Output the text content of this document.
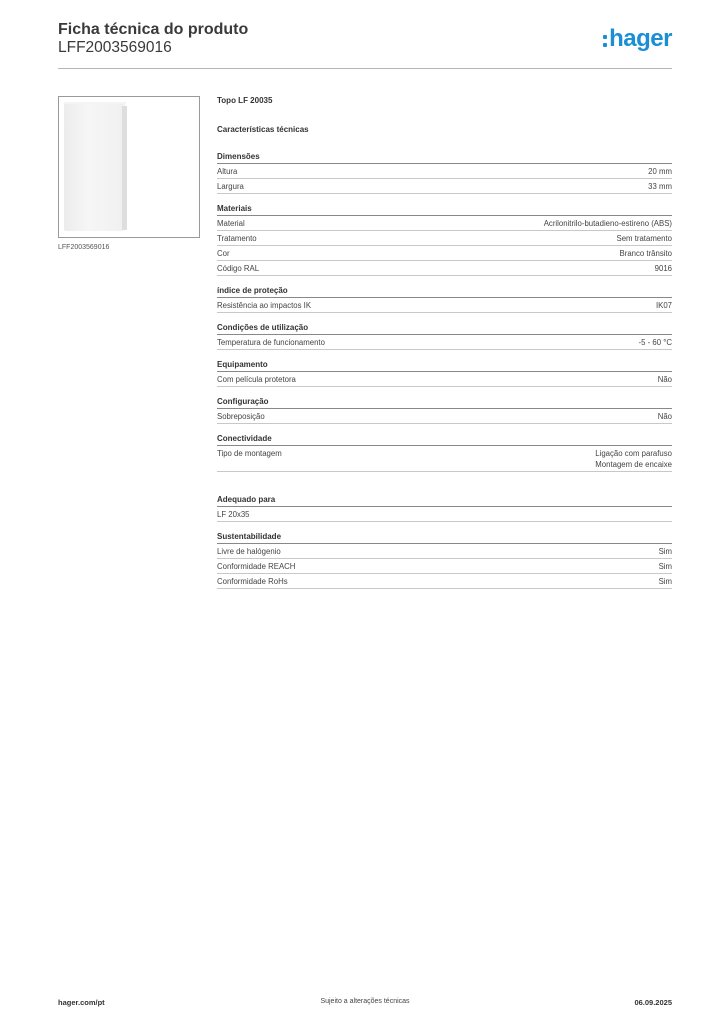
Ficha técnica do produto
LFF2003569016	hager
LFF2003569016
Topo LF 20035
Características técnicas
Dimensões
Altura	20 mm
Largura	33 mm
Materiais
Material	Acrilonitrilo-butadieno-estireno (ABS)
Tratamento	Sem tratamento
Cor	Branco trânsito
Código RAL	9016
índice de proteção
Resistência ao impactos IK	IK07
Condições de utilização
Temperatura de funcionamento	-5 - 60 °C
Equipamento
Com película protetora	Não
Configuração
Sobreposição	Não
Conectividade
Tipo de montagem	Ligação com parafuso
Montagem de encaixe
Adequado para
LF 20x35
Sustentabilidade
Livre de halógenio	Sim
Conformidade REACH	Sim
Conformidade RoHs	Sim
hager.com/pt	Sujeito a alterações técnicas	06.09.2025
